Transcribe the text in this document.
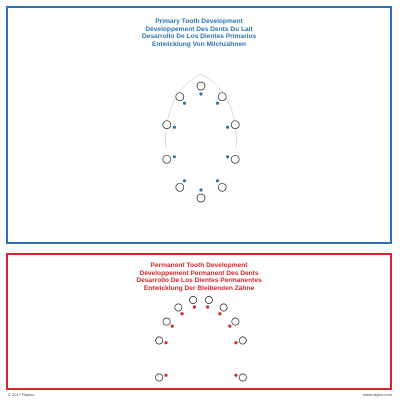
Primary Tooth Development
Développement Des Dents Du Lait
Desarrollo De Los Dientes Primarios
Entwicklung Von Milchzähnen
Permanent Tooth Development
Développement Permanent Des Dents
Desarrollo De Los Dientes Permanentes
Entwicklung Der Bleibenden Zähne
© 2017 Raylco	www.raylco.com
